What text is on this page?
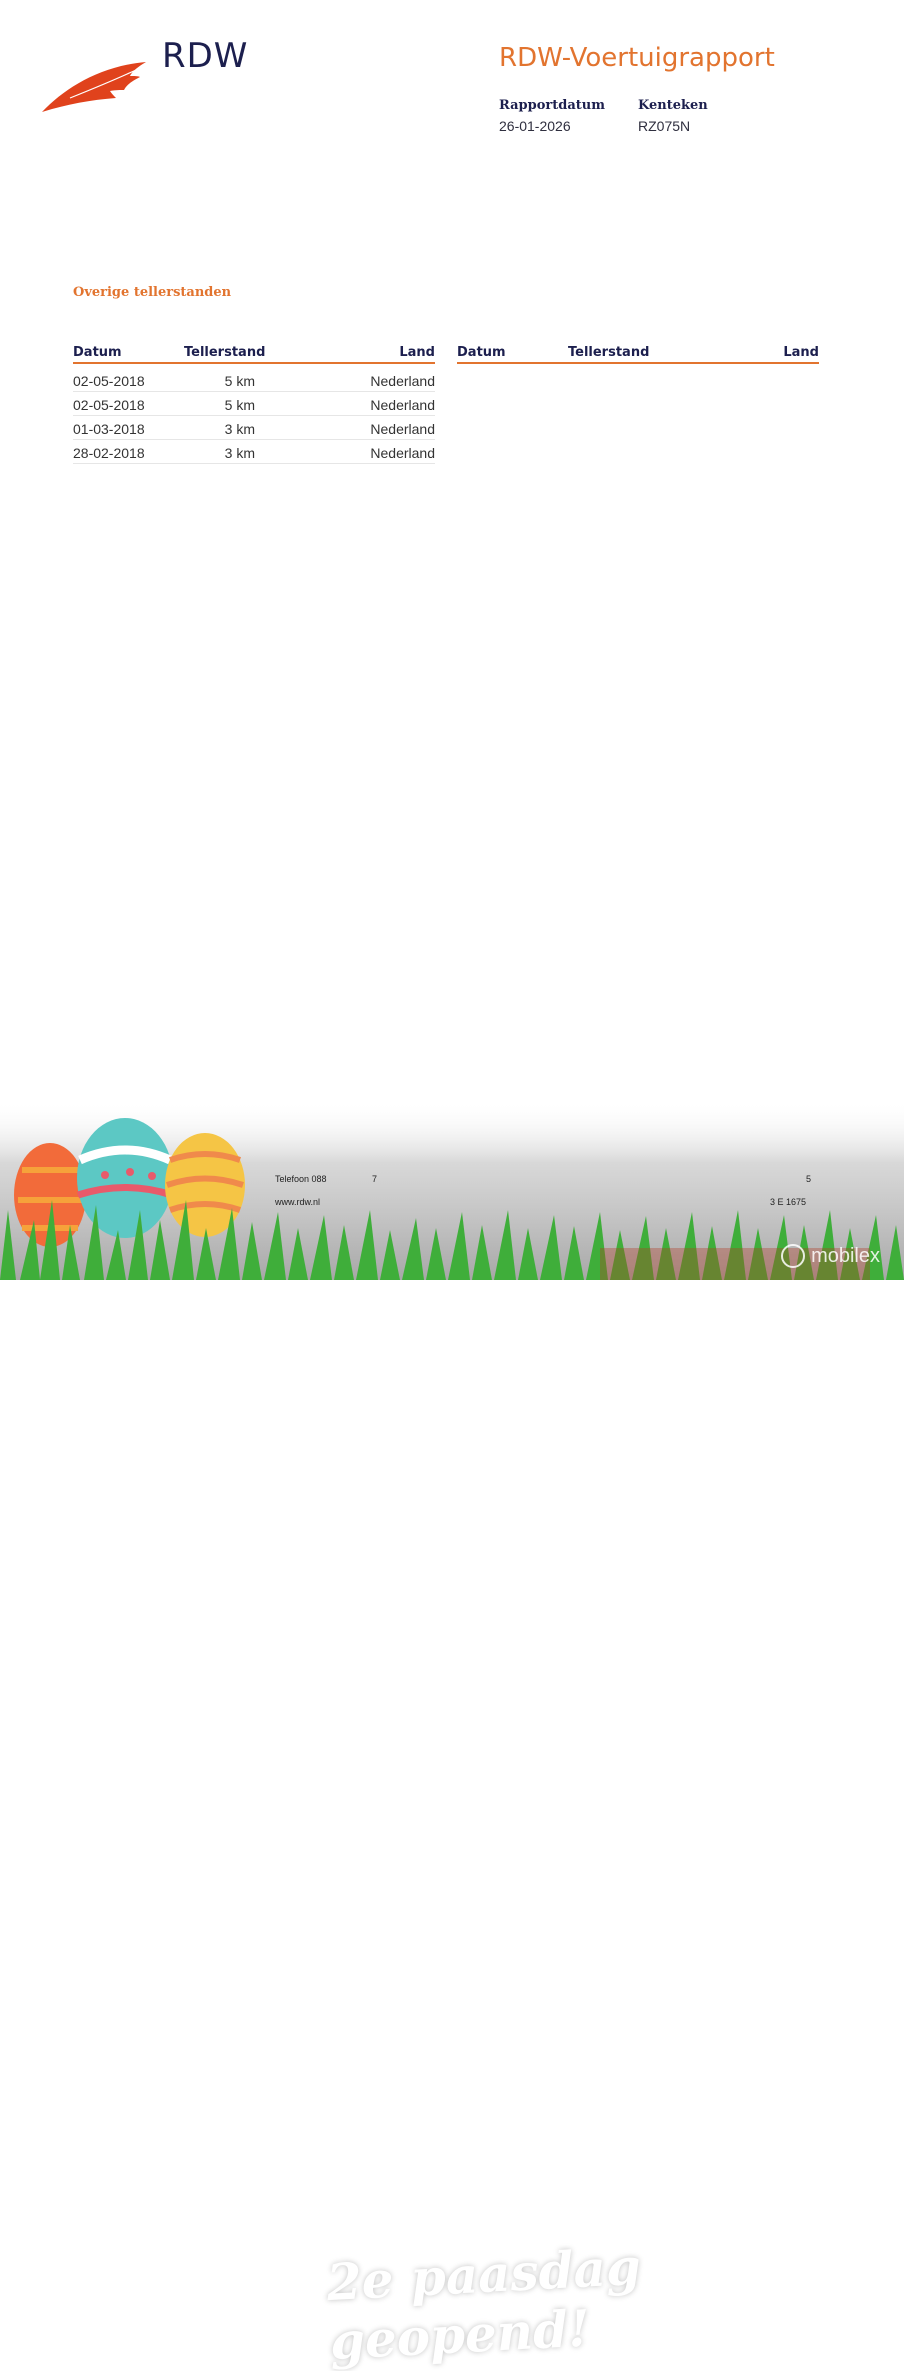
RDW	RDW-Voertuigrapport
Rapportdatum
26-01-2026
Kenteken
RZ075N
Overige tellerstanden
Datum	Tellerstand	Land
02-05-2018	5 km	Nederland
02-05-2018	5 km	Nederland
01-03-2018	3 km	Nederland
28-02-2018	3 km	Nederland
Datum	Tellerstand	Land
Telefoon 088	7
www.rdw.nl
5
3 E 1675
2e paasdag geopend!
mobilex
